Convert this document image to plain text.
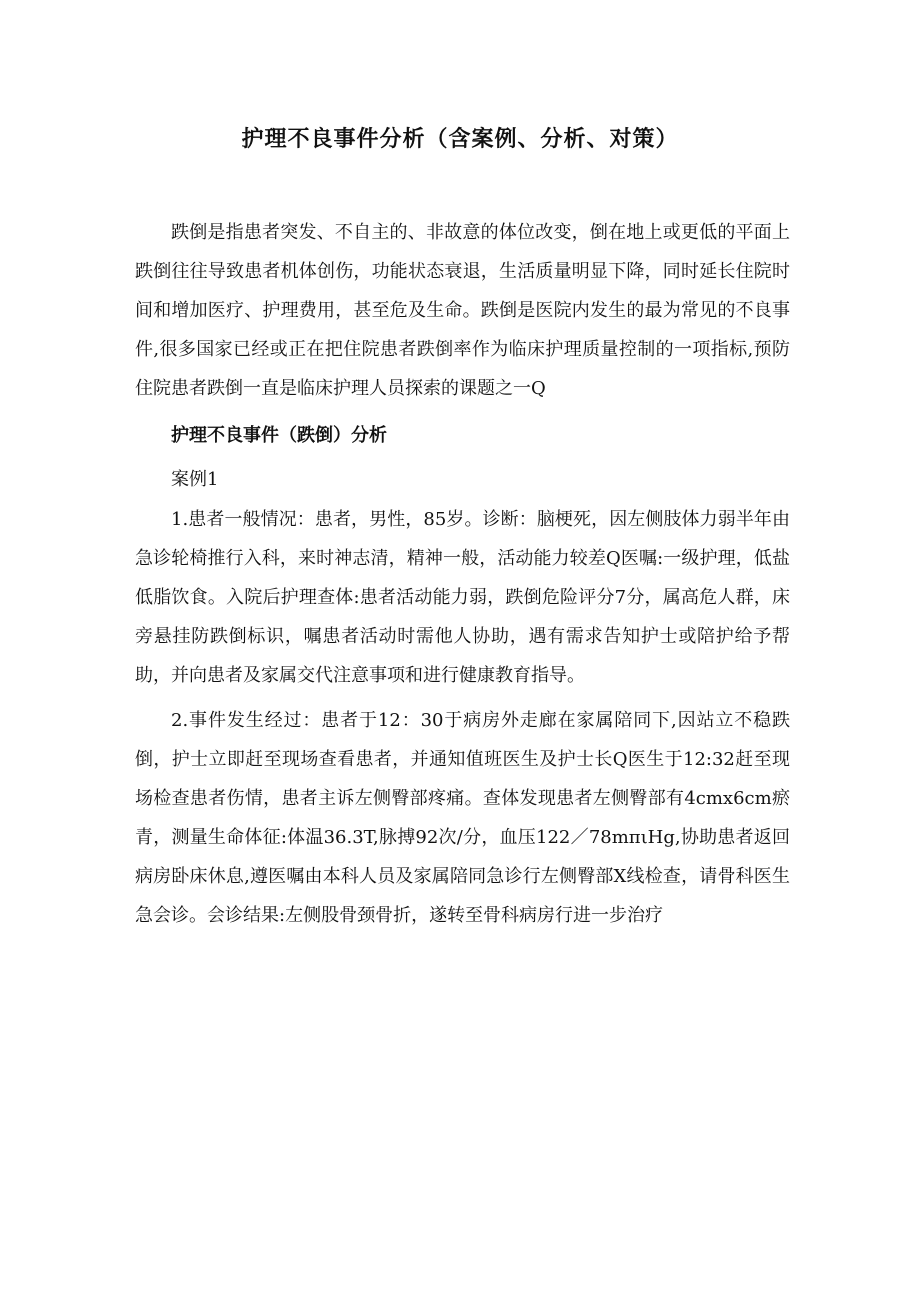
护理不良事件分析（含案例、分析、对策）

跌倒是指患者突发、不自主的、非故意的体位改变，倒在地上或更低的平面上跌倒往往导致患者机体创伤，功能状态衰退，生活质量明显下降，同时延长住院时间和增加医疗、护理费用，甚至危及生命。跌倒是医院内发生的最为常见的不良事件,很多国家已经或正在把住院患者跌倒率作为临床护理质量控制的一项指标,预防住院患者跌倒一直是临床护理人员探索的课题之一Q

护理不良事件（跌倒）分析

案例1

1.患者一般情况：患者，男性，85岁。诊断：脑梗死，因左侧肢体力弱半年由急诊轮椅推行入科，来时神志清，精神一般，活动能力较差Q医嘱:一级护理，低盐低脂饮食。入院后护理查体:患者活动能力弱，跌倒危险评分7分，属高危人群，床旁悬挂防跌倒标识，嘱患者活动时需他人协助，遇有需求告知护士或陪护给予帮助，并向患者及家属交代注意事项和进行健康教育指导。

2.事件发生经过：患者于12：30于病房外走廊在家属陪同下,因站立不稳跌倒，护士立即赶至现场查看患者，并通知值班医生及护士长Q医生于12:32赶至现场检查患者伤情，患者主诉左侧臀部疼痛。查体发现患者左侧臀部有4cmx6cm瘀青，测量生命体征:体温36.3T,脉搏92次/分，血压122／78mπιHg,协助患者返回病房卧床休息,遵医嘱由本科人员及家属陪同急诊行左侧臀部X线检查，请骨科医生急会诊。会诊结果:左侧股骨颈骨折，遂转至骨科病房行进一步治疗
